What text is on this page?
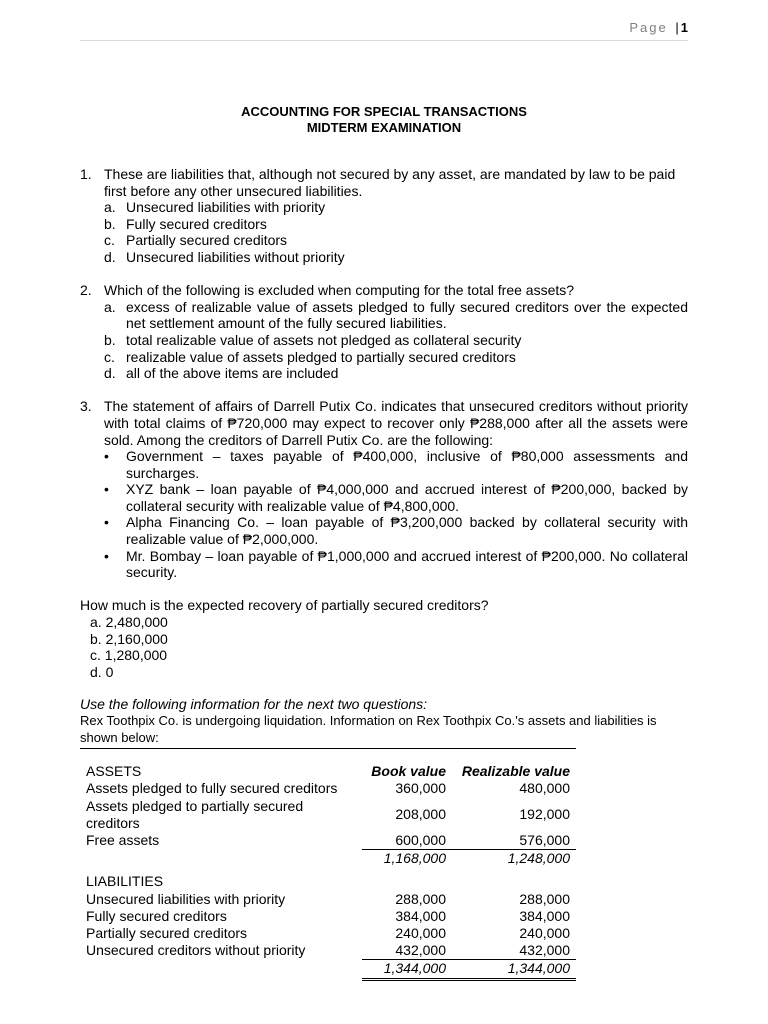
Page | 1
ACCOUNTING FOR SPECIAL TRANSACTIONS
MIDTERM EXAMINATION
1. These are liabilities that, although not secured by any asset, are mandated by law to be paid first before any other unsecured liabilities.
a. Unsecured liabilities with priority
b. Fully secured creditors
c. Partially secured creditors
d. Unsecured liabilities without priority
2. Which of the following is excluded when computing for the total free assets?
a. excess of realizable value of assets pledged to fully secured creditors over the expected net settlement amount of the fully secured liabilities.
b. total realizable value of assets not pledged as collateral security
c. realizable value of assets pledged to partially secured creditors
d. all of the above items are included
3. The statement of affairs of Darrell Putix Co. indicates that unsecured creditors without priority with total claims of ₱720,000 may expect to recover only ₱288,000 after all the assets were sold. Among the creditors of Darrell Putix Co. are the following:
•	Government – taxes payable of ₱400,000, inclusive of ₱80,000 assessments and surcharges.
•	XYZ bank – loan payable of ₱4,000,000 and accrued interest of ₱200,000, backed by collateral security with realizable value of ₱4,800,000.
•	Alpha Financing Co. – loan payable of ₱3,200,000 backed by collateral security with realizable value of ₱2,000,000.
•	Mr. Bombay – loan payable of ₱1,000,000 and accrued interest of ₱200,000. No collateral security.
How much is the expected recovery of partially secured creditors?
a. 2,480,000
b. 2,160,000
c. 1,280,000
d. 0
Use the following information for the next two questions:
Rex Toothpix Co. is undergoing liquidation. Information on Rex Toothpix Co.'s assets and liabilities is shown below:
ASSETS	Book value	Realizable value
Assets pledged to fully secured creditors	360,000	480,000
Assets pledged to partially secured creditors	208,000	192,000
Free assets	600,000	576,000
	1,168,000	1,248,000

LIABILITIES		
Unsecured liabilities with priority	288,000	288,000
Fully secured creditors	384,000	384,000
Partially secured creditors	240,000	240,000
Unsecured creditors without priority	432,000	432,000
	1,344,000	1,344,000
